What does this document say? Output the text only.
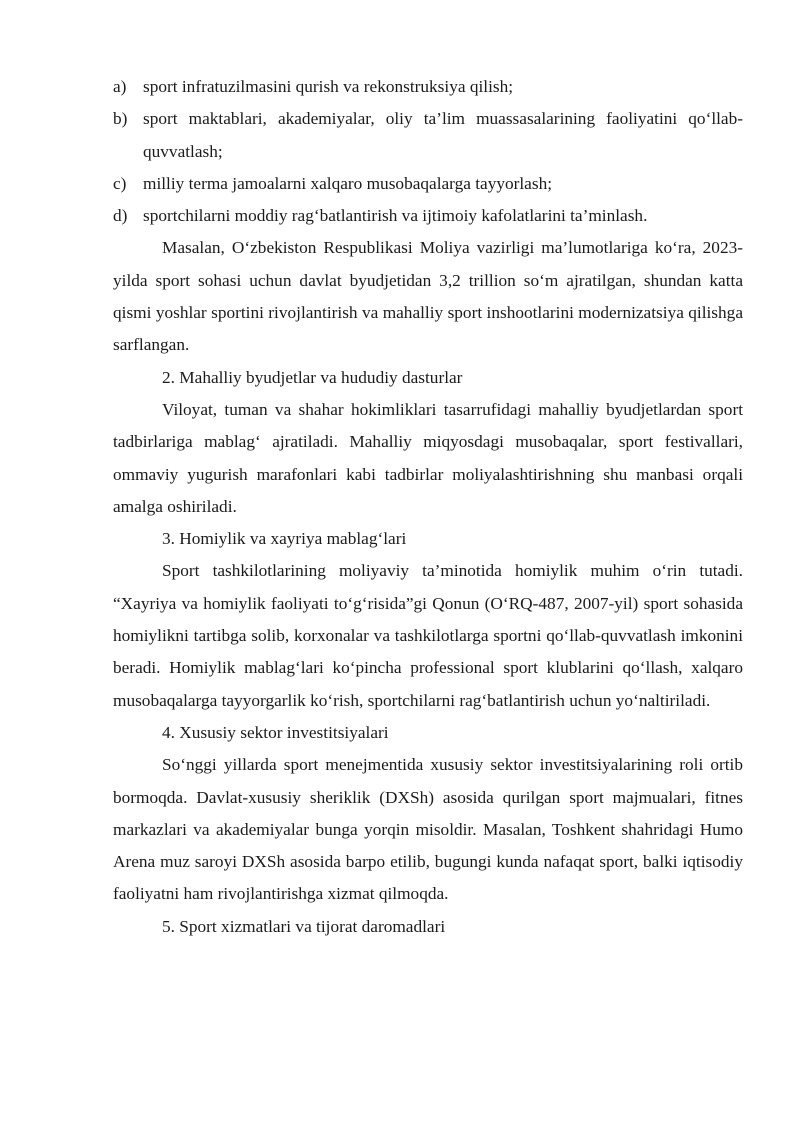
a) sport infratuzilmasini qurish va rekonstruksiya qilish;
b) sport maktablari, akademiyalar, oliy ta’lim muassasalarining faoliyatini qo‘llab-quvvatlash;
c) milliy terma jamoalarni xalqaro musobaqalarga tayyorlash;
d) sportchilarni moddiy rag‘batlantirish va ijtimoiy kafolatlarini ta’minlash.

Masalan, O‘zbekiston Respublikasi Moliya vazirligi ma’lumotlariga ko‘ra, 2023-yilda sport sohasi uchun davlat byudjetidan 3,2 trillion so‘m ajratilgan, shundan katta qismi yoshlar sportini rivojlantirish va mahalliy sport inshootlarini modernizatsiya qilishga sarflangan.

2. Mahalliy byudjetlar va hududiy dasturlar

Viloyat, tuman va shahar hokimliklari tasarrufidagi mahalliy byudjetlardan sport tadbirlariga mablag‘ ajratiladi. Mahalliy miqyosdagi musobaqalar, sport festivallari, ommaviy yugurish marafonlari kabi tadbirlar moliyalashtirishning shu manbasi orqali amalga oshiriladi.

3. Homiylik va xayriya mablag‘lari

Sport tashkilotlarining moliyaviy ta’minotida homiylik muhim o‘rin tutadi. “Xayriya va homiylik faoliyati to‘g‘risida”gi Qonun (O‘RQ-487, 2007-yil) sport sohasida homiylikni tartibga solib, korxonalar va tashkilotlarga sportni qo‘llab-quvvatlash imkonini beradi. Homiylik mablag‘lari ko‘pincha professional sport klublarini qo‘llash, xalqaro musobaqalarga tayyorgarlik ko‘rish, sportchilarni rag‘batlantirish uchun yo‘naltiriladi.

4. Xususiy sektor investitsiyalari

So‘nggi yillarda sport menejmentida xususiy sektor investitsiyalarining roli ortib bormoqda. Davlat-xususiy sheriklik (DXSh) asosida qurilgan sport majmualari, fitnes markazlari va akademiyalar bunga yorqin misoldir. Masalan, Toshkent shahridagi Humo Arena muz saroyi DXSh asosida barpo etilib, bugungi kunda nafaqat sport, balki iqtisodiy faoliyatni ham rivojlantirishga xizmat qilmoqda.

5. Sport xizmatlari va tijorat daromadlari
